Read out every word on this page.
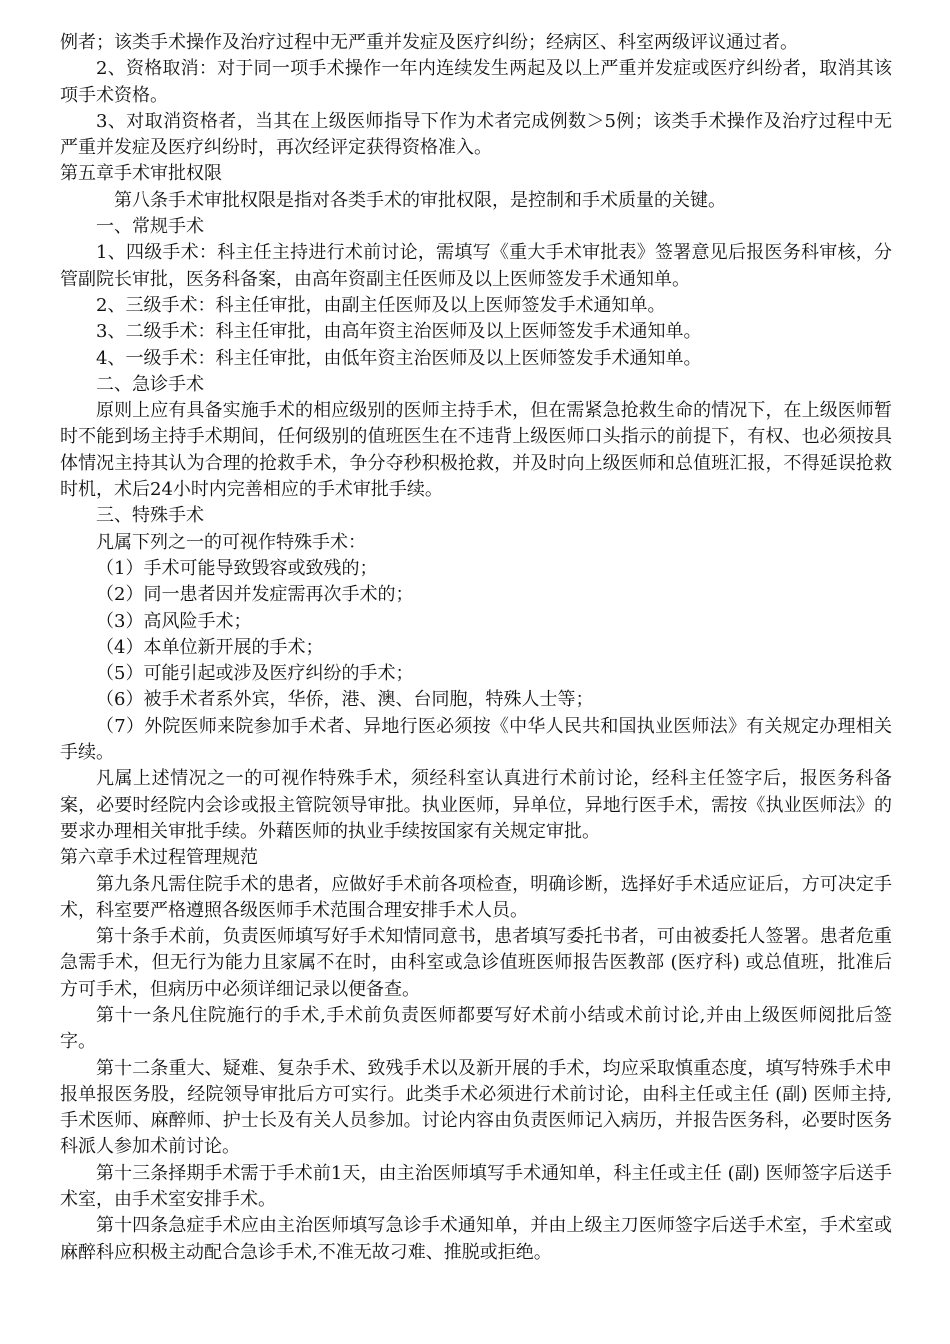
例者；该类手术操作及治疗过程中无严重并发症及医疗纠纷；经病区、科室两级评议通过者。

2、资格取消：对于同一项手术操作一年内连续发生两起及以上严重并发症或医疗纠纷者，取消其该项手术资格。

3、对取消资格者，当其在上级医师指导下作为术者完成例数＞5例；该类手术操作及治疗过程中无严重并发症及医疗纠纷时，再次经评定获得资格准入。

第五章手术审批权限

第八条手术审批权限是指对各类手术的审批权限，是控制和手术质量的关键。

一、常规手术

1、四级手术：科主任主持进行术前讨论，需填写《重大手术审批表》签署意见后报医务科审核，分管副院长审批，医务科备案，由高年资副主任医师及以上医师签发手术通知单。

2、三级手术：科主任审批，由副主任医师及以上医师签发手术通知单。

3、二级手术：科主任审批，由高年资主治医师及以上医师签发手术通知单。

4、一级手术：科主任审批，由低年资主治医师及以上医师签发手术通知单。

二、急诊手术

原则上应有具备实施手术的相应级别的医师主持手术，但在需紧急抢救生命的情况下，在上级医师暂时不能到场主持手术期间，任何级别的值班医生在不违背上级医师口头指示的前提下，有权、也必须按具体情况主持其认为合理的抢救手术，争分夺秒积极抢救，并及时向上级医师和总值班汇报，不得延误抢救时机，术后24小时内完善相应的手术审批手续。

三、特殊手术

凡属下列之一的可视作特殊手术：

（1）手术可能导致毁容或致残的；

（2）同一患者因并发症需再次手术的；

（3）高风险手术；

（4）本单位新开展的手术；

（5）可能引起或涉及医疗纠纷的手术；

（6）被手术者系外宾，华侨，港、澳、台同胞，特殊人士等；

（7）外院医师来院参加手术者、异地行医必须按《中华人民共和国执业医师法》有关规定办理相关手续。

凡属上述情况之一的可视作特殊手术，须经科室认真进行术前讨论，经科主任签字后，报医务科备案，必要时经院内会诊或报主管院领导审批。执业医师，异单位，异地行医手术，需按《执业医师法》的要求办理相关审批手续。外藉医师的执业手续按国家有关规定审批。

第六章手术过程管理规范

第九条凡需住院手术的患者，应做好手术前各项检查，明确诊断，选择好手术适应证后，方可决定手术，科室要严格遵照各级医师手术范围合理安排手术人员。

第十条手术前，负责医师填写好手术知情同意书，患者填写委托书者，可由被委托人签署。患者危重急需手术，但无行为能力且家属不在时，由科室或急诊值班医师报告医教部 (医疗科) 或总值班，批准后方可手术，但病历中必须详细记录以便备查。

第十一条凡住院施行的手术,手术前负责医师都要写好术前小结或术前讨论,并由上级医师阅批后签字。

第十二条重大、疑难、复杂手术、致残手术以及新开展的手术，均应采取慎重态度，填写特殊手术申报单报医务股，经院领导审批后方可实行。此类手术必须进行术前讨论，由科主任或主任 (副) 医师主持,手术医师、麻醉师、护士长及有关人员参加。讨论内容由负责医师记入病历，并报告医务科，必要时医务科派人参加术前讨论。

第十三条择期手术需于手术前1天，由主治医师填写手术通知单，科主任或主任 (副) 医师签字后送手术室，由手术室安排手术。

第十四条急症手术应由主治医师填写急诊手术通知单，并由上级主刀医师签字后送手术室，手术室或麻醉科应积极主动配合急诊手术,不准无故刁难、推脱或拒绝。
